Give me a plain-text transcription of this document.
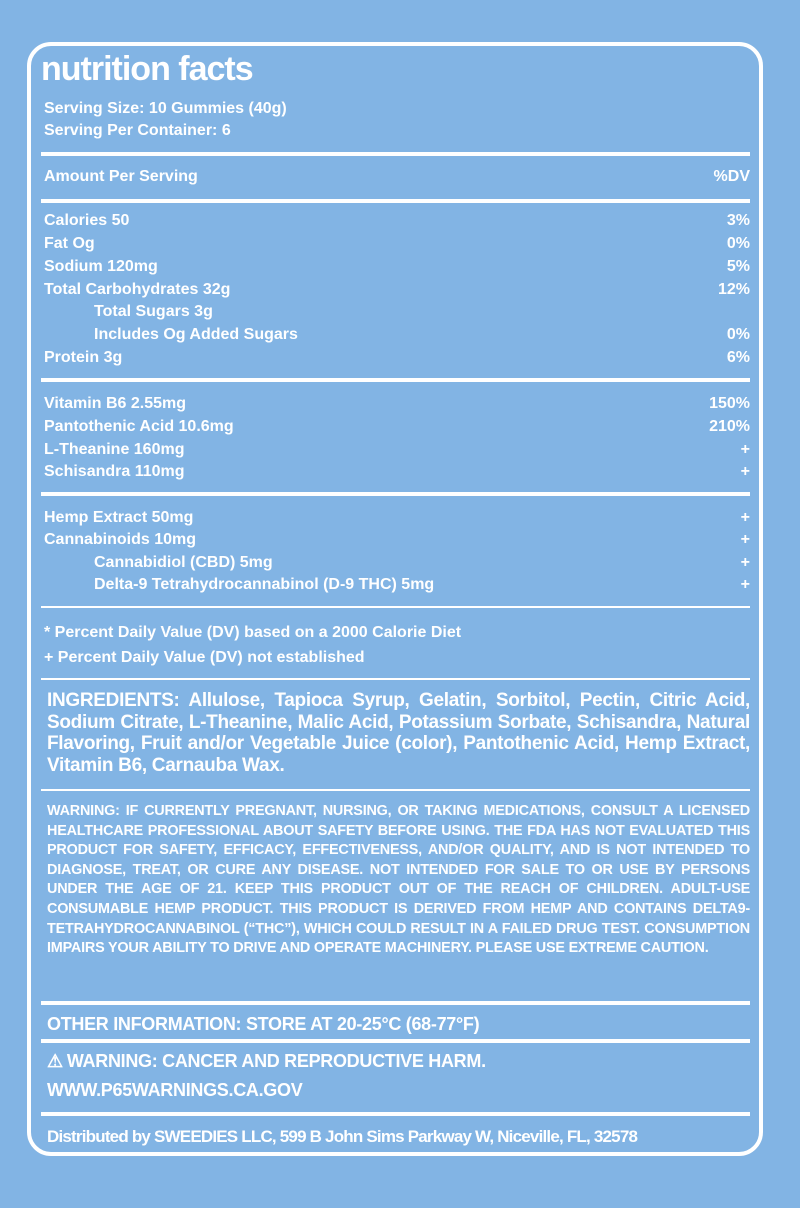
nutrition facts
Serving Size: 10 Gummies (40g)
Serving Per Container: 6
Amount Per Serving	%DV
Calories 50	3%
Fat Og	0%
Sodium 120mg	5%
Total Carbohydrates 32g	12%
Total Sugars 3g
Includes Og Added Sugars	0%
Protein 3g	6%
Vitamin B6 2.55mg	150%
Pantothenic Acid 10.6mg	210%
L-Theanine 160mg	+
Schisandra 110mg	+
Hemp Extract 50mg	+
Cannabinoids 10mg	+
Cannabidiol (CBD) 5mg	+
Delta-9 Tetrahydrocannabinol (D-9 THC) 5mg	+
* Percent Daily Value (DV) based on a 2000 Calorie Diet
+ Percent Daily Value (DV) not established
INGREDIENTS: Allulose, Tapioca Syrup, Gelatin, Sorbitol, Pectin, Citric Acid, Sodium Citrate, L-Theanine, Malic Acid, Potassium Sorbate, Schisandra, Natural Flavoring, Fruit and/or Vegetable Juice (color), Pantothenic Acid, Hemp Extract, Vitamin B6, Carnauba Wax.
WARNING: IF CURRENTLY PREGNANT, NURSING, OR TAKING MEDICATIONS, CONSULT A LICENSED HEALTHCARE PROFESSIONAL ABOUT SAFETY BEFORE USING. THE FDA HAS NOT EVALUATED THIS PRODUCT FOR SAFETY, EFFICACY, EFFECTIVENESS, AND/OR QUALITY, AND IS NOT INTENDED TO DIAGNOSE, TREAT, OR CURE ANY DISEASE. NOT INTENDED FOR SALE TO OR USE BY PERSONS UNDER THE AGE OF 21. KEEP THIS PRODUCT OUT OF THE REACH OF CHILDREN. ADULT-USE CONSUMABLE HEMP PRODUCT. THIS PRODUCT IS DERIVED FROM HEMP AND CONTAINS DELTA9-TETRAHYDROCANNABINOL (“THC”), WHICH COULD RESULT IN A FAILED DRUG TEST. CONSUMPTION IMPAIRS YOUR ABILITY TO DRIVE AND OPERATE MACHINERY. PLEASE USE EXTREME CAUTION.
OTHER INFORMATION: STORE AT 20-25°C (68-77°F)
⚠ WARNING: CANCER AND REPRODUCTIVE HARM.
WWW.P65WARNINGS.CA.GOV
Distributed by SWEEDIES LLC, 599 B John Sims Parkway W, Niceville, FL, 32578
